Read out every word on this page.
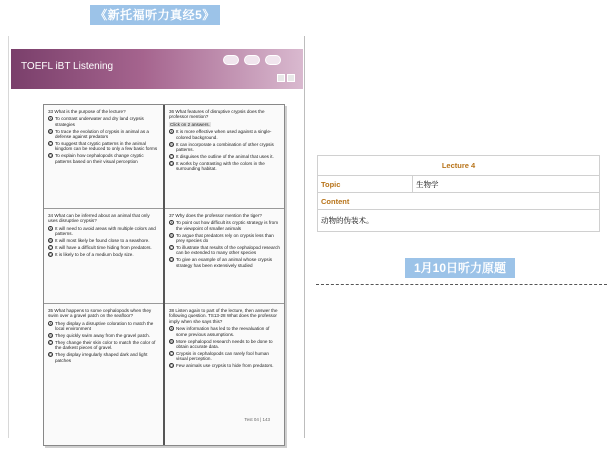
《新托福听力真经5》
TOEFL iBT Listening
33 What is the purpose of the lecture?
A To contrast underwater and dry land crypsis strategies
B To trace the evolution of crypsis in animal as a defense against predators
C To suggest that cryptic patterns in the animal kingdom can be reduced to only a few basic forms
D To explain how cephalopods change cryptic patterns based on their visual perception
34 What can be inferred about an animal that only uses disruptive crypsis?
A It will need to avoid areas with multiple colors and patterns.
B It will most likely be found close to a seashore.
C It will have a difficult time hiding from predators.
D It is likely to be of a medium body size.
35 What happens to some cephalopods when they swim over a gravel patch on the seafloor?
A They display a disruptive coloration to match the local environment
B They quickly swim away from the gravel patch.
C They change their skin color to match the color of the darkest pieces of gravel.
D They display irregularly shaped dark and light patches
36 What features of disruptive crypsis does the professor mention?
Click on 2 answers.
A It is more effective when used against a single-colored background.
B It can incorporate a combination of other crypsis patterns.
C It disguises the outline of the animal that uses it.
D It works by contrasting with the colors in the surrounding habitat.
37 Why does the professor mention the tiger?
A To point out how difficult its cryptic strategy is from the viewpoint of smaller animals
B To argue that predators rely on crypsis less than prey species do
C To illustrate that results of the cephalopod research can be extended to many other species
D To give an example of an animal whose crypsis strategy has been extensively studied
38 Listen again to part of the lecture, then answer the following question. TS13-28 What does the professor imply when she says this?
A New information has led to the reevaluation of some previous assumptions.
B More cephalopod research needs to be done to obtain accurate data.
C Crypsis in cephalopods can rarely fool human visual perception.
D Few animals use crypsis to hide from predators.
Test 04 | 143
Lecture 4
Topic	生物学
Content
动物的伪装术。
1月10日听力原题
